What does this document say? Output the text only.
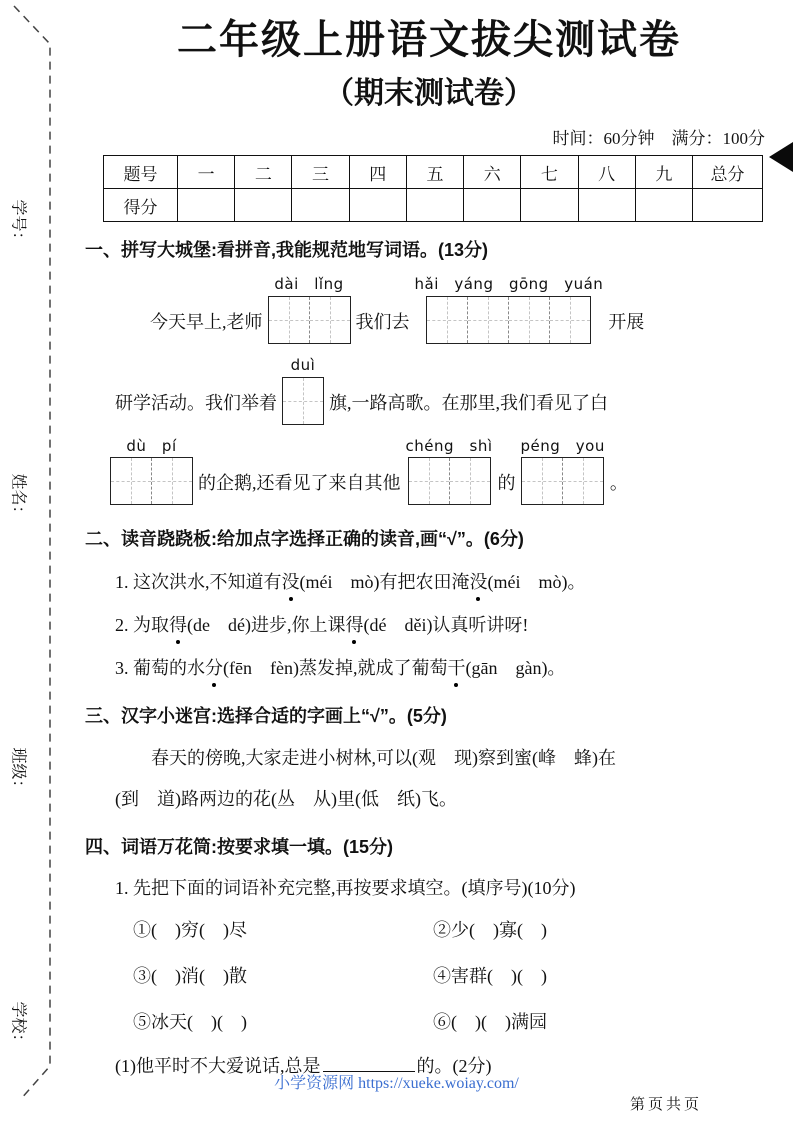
学号：
姓名：
班级：
学校：
二年级上册语文拔尖测试卷
（期末测试卷）
时间：60分钟　满分：100分
题号	一	二	三	四	五	六	七	八	九	总分
得分										
一、拼写大城堡:看拼音,我能规范地写词语。(13分)
今天早上,老师
dài　lǐng
我们去
hǎi　yáng　gōng　yuán
开展
研学活动。我们举着
duì
旗,一路高歌。在那里,我们看见了白
dù　pí
的企鹅,还看见了来自其他
chéng　shì
的
péng　you
。
二、读音跷跷板:给加点字选择正确的读音,画“√”。(6分)
1. 这次洪水,不知道有没(méi　mò)有把农田淹没(méi　mò)。
2. 为取得(de　dé)进步,你上课得(dé　děi)认真听讲呀!
3. 葡萄的水分(fēn　fèn)蒸发掉,就成了葡萄干(gān　gàn)。
三、汉字小迷宫:选择合适的字画上“√”。(5分)
春天的傍晚,大家走进小树林,可以(观　现)察到蜜(峰　蜂)在
(到　道)路两边的花(丛　从)里(低　纸)飞。
四、词语万花筒:按要求填一填。(15分)
1. 先把下面的词语补充完整,再按要求填空。(填序号)(10分)
①(　)穷(　)尽	②少(　)寡(　)
③(　)消(　)散	④害群(　)(　)
⑤冰天(　)(　)	⑥(　)(　)满园
(1)他平时不大爱说话,总是	的。(2分)
小学资源网 https://xueke.woiay.com/
第页共页
